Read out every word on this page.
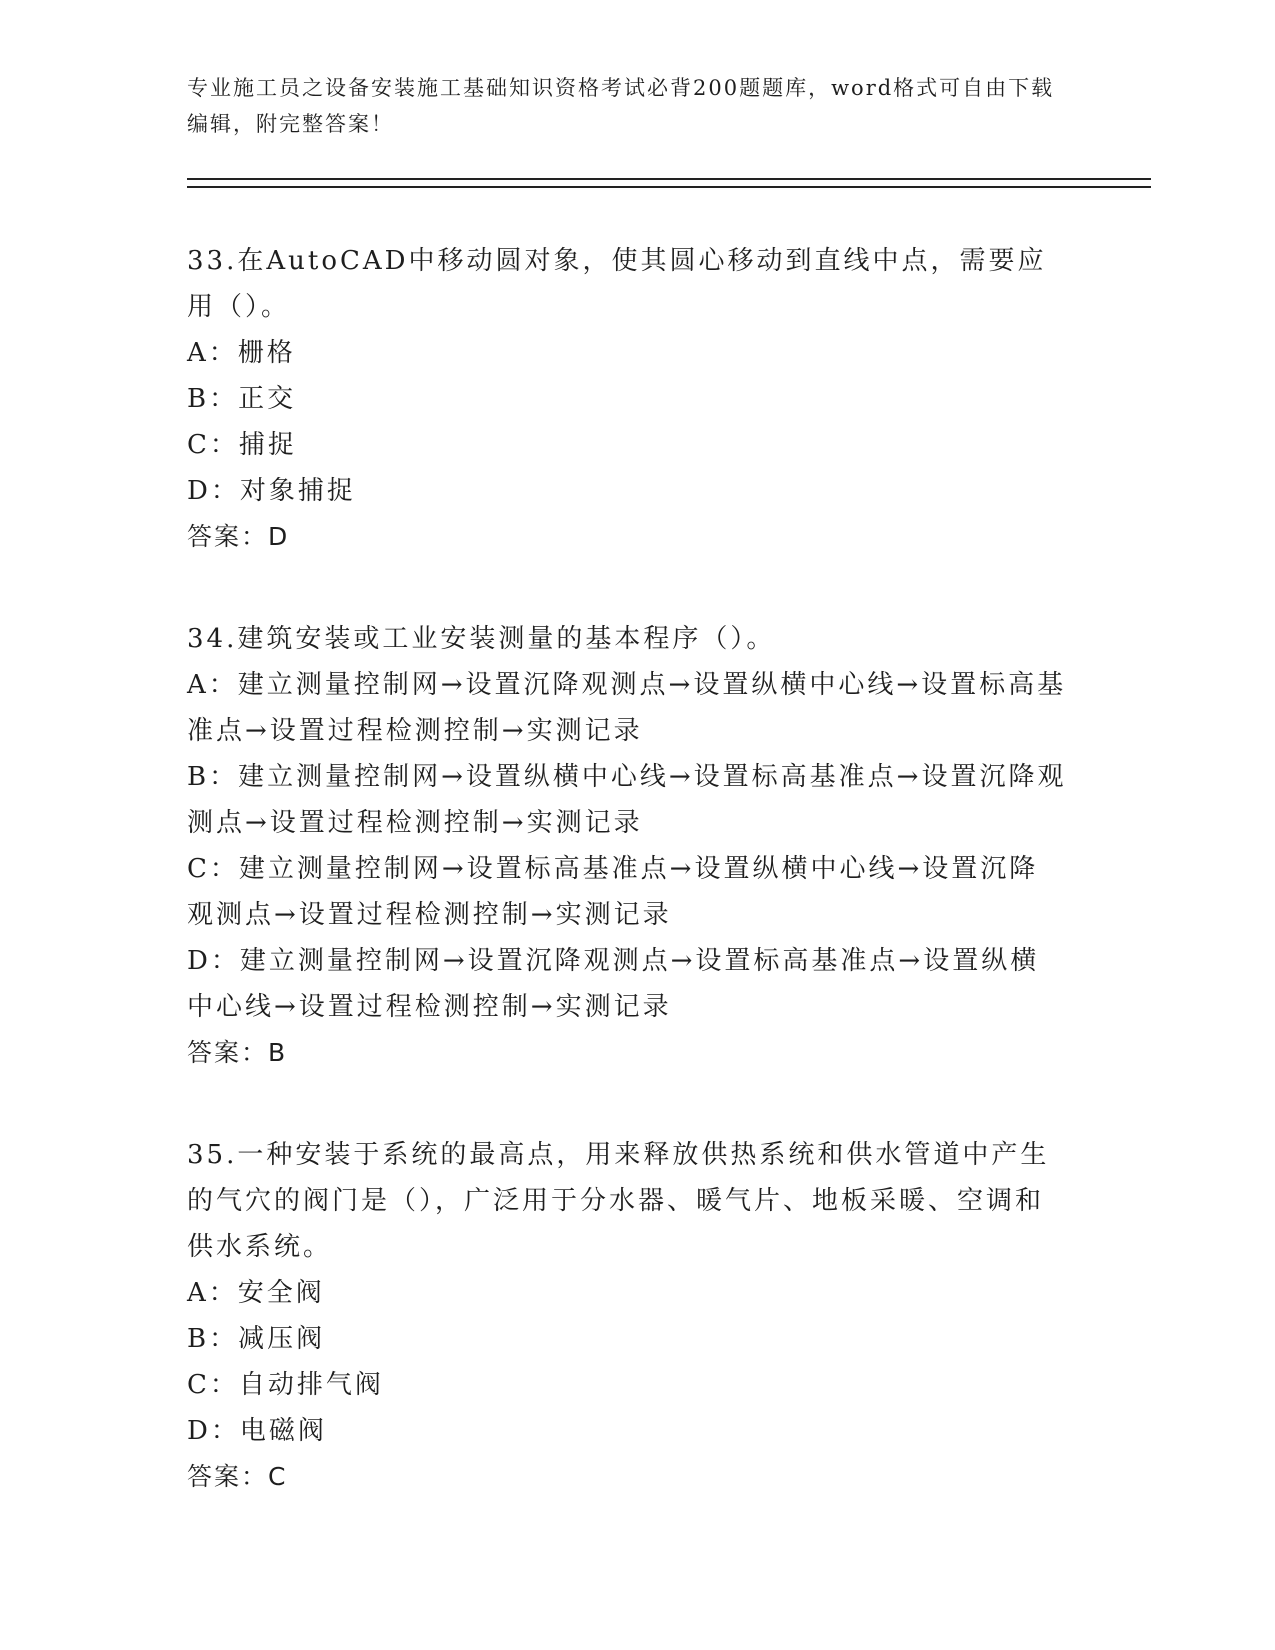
专业施工员之设备安装施工基础知识资格考试必背200题题库，word格式可自由下载编辑，附完整答案！
33.在AutoCAD中移动圆对象，使其圆心移动到直线中点，需要应用（）。
A：栅格
B：正交
C：捕捉
D：对象捕捉
答案：D
34.建筑安装或工业安装测量的基本程序（）。
A：建立测量控制网→设置沉降观测点→设置纵横中心线→设置标高基准点→设置过程检测控制→实测记录
B：建立测量控制网→设置纵横中心线→设置标高基准点→设置沉降观测点→设置过程检测控制→实测记录
C：建立测量控制网→设置标高基准点→设置纵横中心线→设置沉降观测点→设置过程检测控制→实测记录
D：建立测量控制网→设置沉降观测点→设置标高基准点→设置纵横中心线→设置过程检测控制→实测记录
答案：B
35.一种安装于系统的最高点，用来释放供热系统和供水管道中产生的气穴的阀门是（），广泛用于分水器、暖气片、地板采暖、空调和供水系统。
A：安全阀
B：减压阀
C：自动排气阀
D：电磁阀
答案：C
